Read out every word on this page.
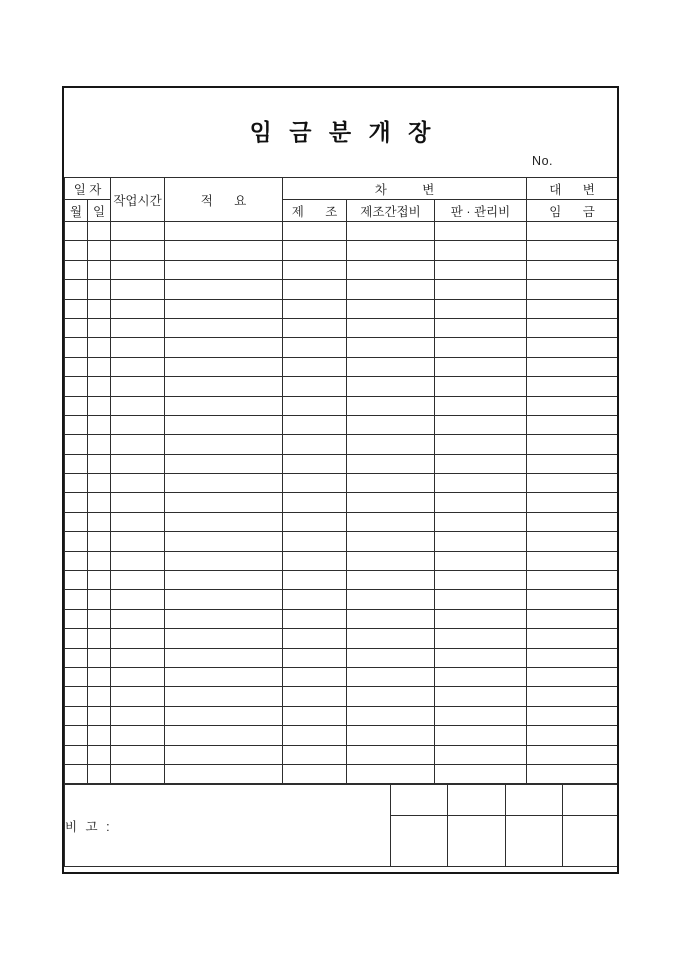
임 금 분 개 장
No.
일 자		작업시간	적 요	차 변			대 변
월	일			제 조	제조간접비	판 · 관리비	임 금

비 고 :				
